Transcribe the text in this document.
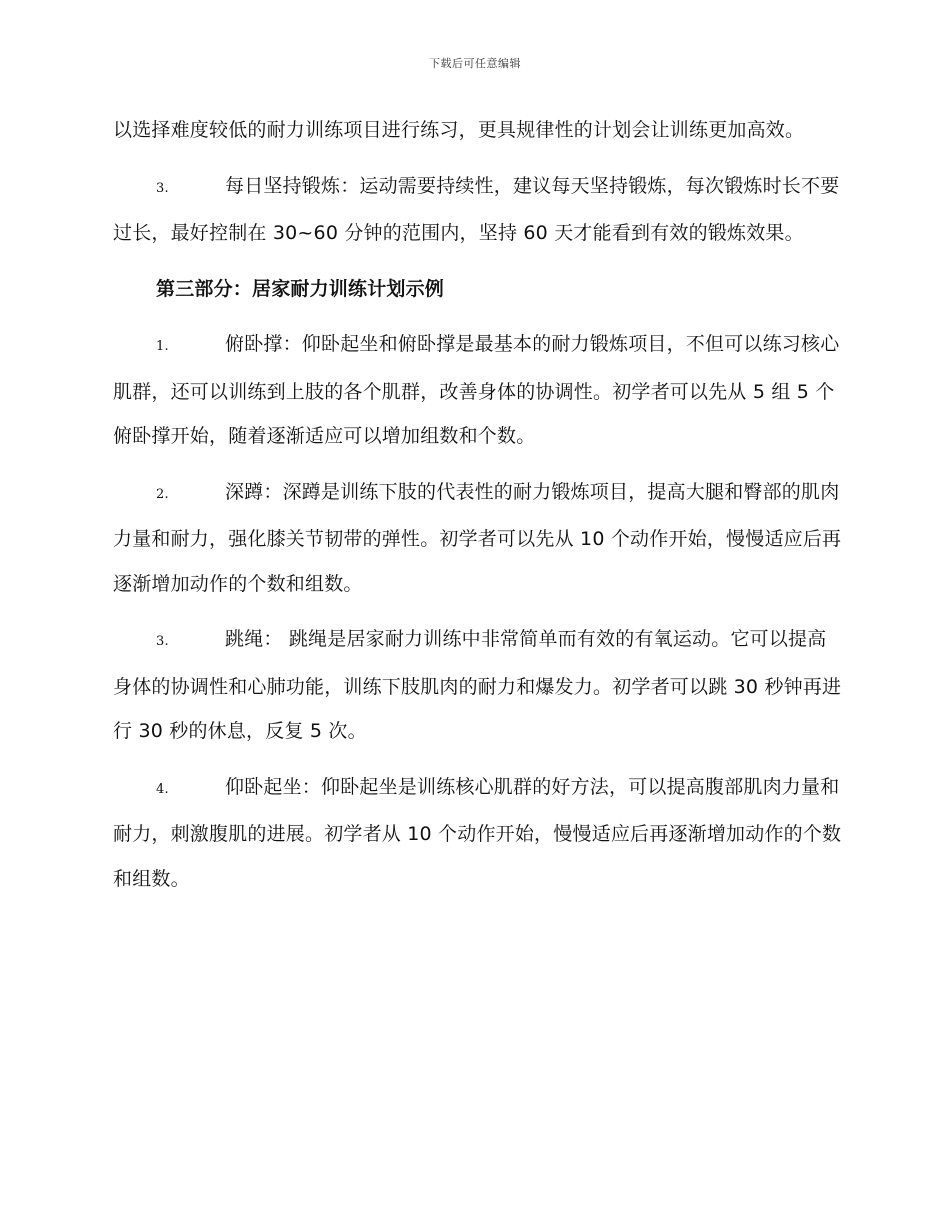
下载后可任意编辑

以选择难度较低的耐力训练项目进行练习，更具规律性的计划会让训练更加高效。

3.	每日坚持锻炼：运动需要持续性，建议每天坚持锻炼，每次锻炼时长不要过长，最好控制在 30~60 分钟的范围内，坚持 60 天才能看到有效的锻炼效果。

第三部分：居家耐力训练计划示例

1.	俯卧撑：仰卧起坐和俯卧撑是最基本的耐力锻炼项目，不但可以练习核心肌群，还可以训练到上肢的各个肌群，改善身体的协调性。初学者可以先从 5 组 5 个俯卧撑开始，随着逐渐适应可以增加组数和个数。

2.	深蹲：深蹲是训练下肢的代表性的耐力锻炼项目，提高大腿和臀部的肌肉力量和耐力，强化膝关节韧带的弹性。初学者可以先从 10 个动作开始，慢慢适应后再逐渐增加动作的个数和组数。

3.	跳绳： 跳绳是居家耐力训练中非常简单而有效的有氧运动。它可以提高身体的协调性和心肺功能，训练下肢肌肉的耐力和爆发力。初学者可以跳 30 秒钟再进行 30 秒的休息，反复 5 次。

4.	仰卧起坐：仰卧起坐是训练核心肌群的好方法，可以提高腹部肌肉力量和耐力，刺激腹肌的进展。初学者从 10 个动作开始，慢慢适应后再逐渐增加动作的个数和组数。
